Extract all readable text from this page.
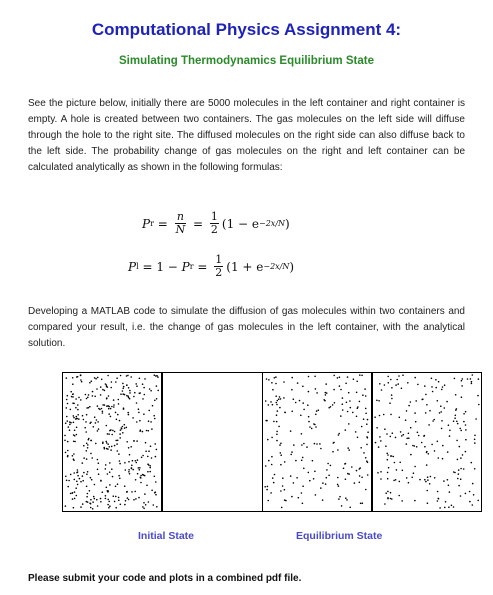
Computational Physics Assignment 4:
Simulating Thermodynamics Equilibrium State
See the picture below, initially there are 5000 molecules in the left container and right container is empty. A hole is created between two containers. The gas molecules on the left side will diffuse through the hole to the right site. The diffused molecules on the right side can also diffuse back to the left side. The probability change of gas molecules on the right and left container can be calculated analytically as shown in the following formulas:
P $r = \frac{n}{N} = \frac{1}{2} (1 - e -2x/N$ )
P l
= 1 −
P $r = \frac{1}{2} (1 + e -2x/N$ )
Developing a MATLAB code to simulate the diffusion of gas molecules within two containers and compared your result, i.e. the change of gas molecules in the left container, with the analytical solution.
Initial State	Equilibrium State
Please submit your code and plots in a combined pdf file.
